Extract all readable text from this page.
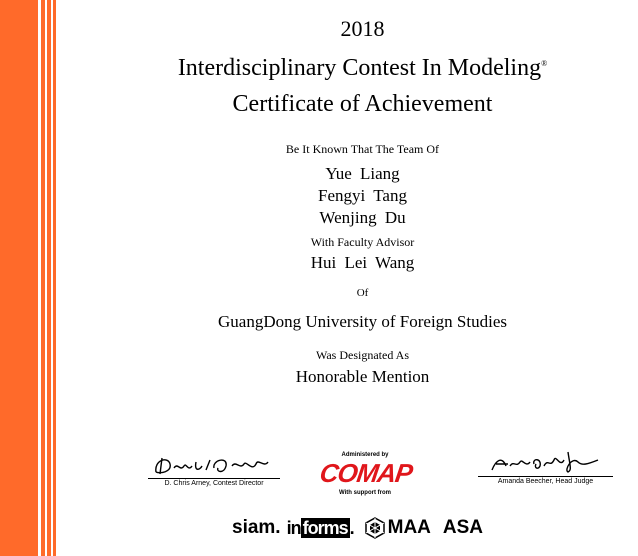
2018
Interdisciplinary Contest In Modeling®
Certificate of Achievement
Be It Known That The Team Of
Yue Liang
Fengyi Tang
Wenjing Du
With Faculty Advisor
Hui Lei Wang
Of
GuangDong University of Foreign Studies
Was Designated As
Honorable Mention
D. Chris Arney, Contest Director
Administered by
COMAP
With support from
Amanda Beecher, Head Judge
siam. in forms . MAA ASA
